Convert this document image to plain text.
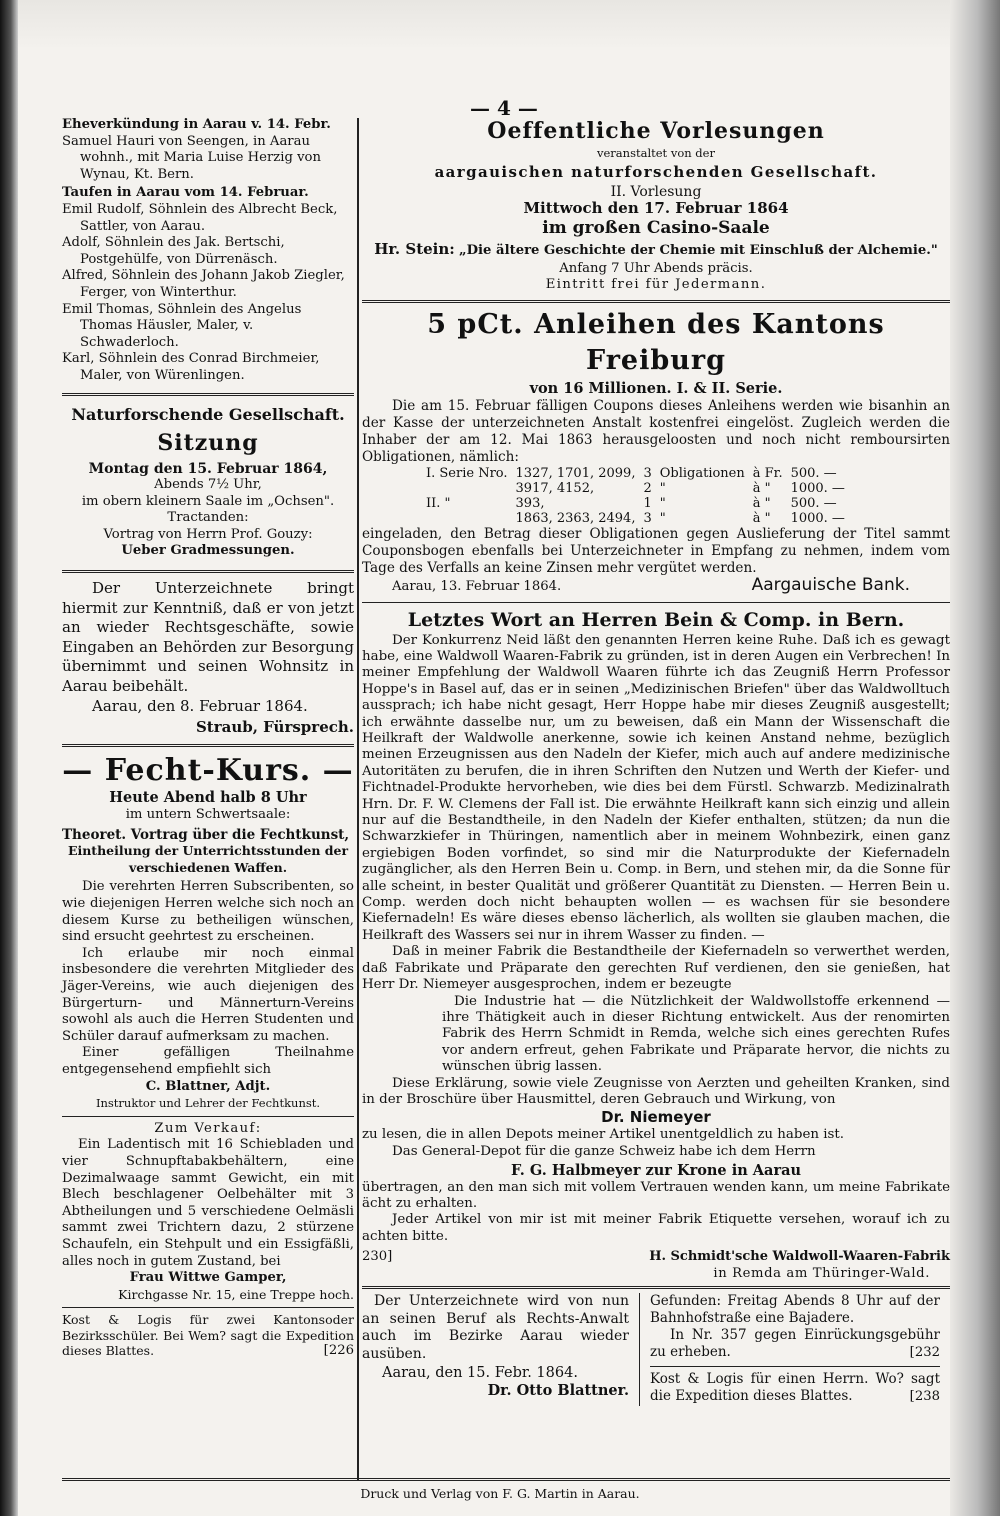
— 4 —

Eheverkündung in Aarau v. 14. Febr.

Samuel Hauri von Seengen, in Aarau wohnh., mit Maria Luise Herzig von Wynau, Kt. Bern.

Taufen in Aarau vom 14. Februar.

Emil Rudolf, Söhnlein des Albrecht Beck, Sattler, von Aarau.

Adolf, Söhnlein des Jak. Bertschi, Postgehülfe, von Dürrenäsch.

Alfred, Söhnlein des Johann Jakob Ziegler, Ferger, von Winterthur.

Emil Thomas, Söhnlein des Angelus Thomas Häusler, Maler, v. Schwaderloch.

Karl, Söhnlein des Conrad Birchmeier, Maler, von Würenlingen.

Naturforschende Gesellschaft.

Sitzung

Montag den 15. Februar 1864,

Abends 7½ Uhr,

im obern kleinern Saale im „Ochsen".

Tractanden:

Vortrag von Herrn Prof. Gouzy:

Ueber Gradmessungen.

Der Unterzeichnete bringt hiermit zur Kenntniß, daß er von jetzt an wieder Rechtsgeschäfte, sowie Eingaben an Behörden zur Besorgung übernimmt und seinen Wohnsitz in Aarau beibehält.

Aarau, den 8. Februar 1864.

Straub, Fürsprech.

— Fecht-Kurs. —

Heute Abend halb 8 Uhr

im untern Schwertsaale:

Theoret. Vortrag über die Fechtkunst,

Eintheilung der Unterrichtsstunden der verschiedenen Waffen.

Die verehrten Herren Subscribenten, so wie diejenigen Herren welche sich noch an diesem Kurse zu betheiligen wünschen, sind ersucht geehrtest zu erscheinen.

Ich erlaube mir noch einmal insbesondere die verehrten Mitglieder des Jäger-Vereins, wie auch diejenigen des Bürgerturn- und Männerturn-Vereins sowohl als auch die Herren Studenten und Schüler darauf aufmerksam zu machen.

Einer gefälligen Theilnahme entgegensehend empfiehlt sich

C. Blattner, Adjt.

Instruktor und Lehrer der Fechtkunst.

Zum Verkauf:

Ein Ladentisch mit 16 Schiebladen und vier Schnupftabakbehältern, eine Dezimalwaage sammt Gewicht, ein mit Blech beschlagener Oelbehälter mit 3 Abtheilungen und 5 verschiedene Oelmäsli sammt zwei Trichtern dazu, 2 stürzene Schaufeln, ein Stehpult und ein Essigfäßli, alles noch in gutem Zustand, bei

Frau Wittwe Gamper,

Kirchgasse Nr. 15, eine Treppe hoch.

Kost & Logis für zwei Kantonsoder Bezirksschüler. Bei Wem? sagt die Expedition dieses Blattes.	[226

Oeffentliche Vorlesungen

veranstaltet von der

aargauischen naturforschenden Gesellschaft.

II. Vorlesung

Mittwoch den 17. Februar 1864

im großen Casino-Saale

Hr. Stein: „Die ältere Geschichte der Chemie mit Einschluß der Alchemie."

Anfang 7 Uhr Abends präcis.

Eintritt frei für Jedermann.

5 pCt. Anleihen des Kantons Freiburg

von 16 Millionen. I. & II. Serie.

Die am 15. Februar fälligen Coupons dieses Anleihens werden wie bisanhin an der Kasse der unterzeichneten Anstalt kostenfrei eingelöst. Zugleich werden die Inhaber der am 12. Mai 1863 herausgeloosten und noch nicht remboursirten Obligationen, nämlich:

I. Serie Nro.	1327, 1701, 2099,	3	Obligationen	à Fr.	500. —
	3917, 4152,	2	"	à "	1000. —
II. "	393,	1	"	à "	500. —
	1863, 2363, 2494,	3	"	à "	1000. —

eingeladen, den Betrag dieser Obligationen gegen Auslieferung der Titel sammt Couponsbogen ebenfalls bei Unterzeichneter in Empfang zu nehmen, indem vom Tage des Verfalls an keine Zinsen mehr vergütet werden.

Aarau, 13. Februar 1864.	Aargauische Bank.

Letztes Wort an Herren Bein & Comp. in Bern.

Der Konkurrenz Neid läßt den genannten Herren keine Ruhe. Daß ich es gewagt habe, eine Waldwoll Waaren-Fabrik zu gründen, ist in deren Augen ein Verbrechen! In meiner Empfehlung der Waldwoll Waaren führte ich das Zeugniß Herrn Professor Hoppe's in Basel auf, das er in seinen „Medizinischen Briefen" über das Waldwolltuch aussprach; ich habe nicht gesagt, Herr Hoppe habe mir dieses Zeugniß ausgestellt; ich erwähnte dasselbe nur, um zu beweisen, daß ein Mann der Wissenschaft die Heilkraft der Waldwolle anerkenne, sowie ich keinen Anstand nehme, bezüglich meinen Erzeugnissen aus den Nadeln der Kiefer, mich auch auf andere medizinische Autoritäten zu berufen, die in ihren Schriften den Nutzen und Werth der Kiefer- und Fichtnadel-Produkte hervorheben, wie dies bei dem Fürstl. Schwarzb. Medizinalrath Hrn. Dr. F. W. Clemens der Fall ist. Die erwähnte Heilkraft kann sich einzig und allein nur auf die Bestandtheile, in den Nadeln der Kiefer enthalten, stützen; da nun die Schwarzkiefer in Thüringen, namentlich aber in meinem Wohnbezirk, einen ganz ergiebigen Boden vorfindet, so sind mir die Naturprodukte der Kiefernadeln zugänglicher, als den Herren Bein u. Comp. in Bern, und stehen mir, da die Sonne für alle scheint, in bester Qualität und größerer Quantität zu Diensten. — Herren Bein u. Comp. werden doch nicht behaupten wollen — es wachsen für sie besondere Kiefernadeln! Es wäre dieses ebenso lächerlich, als wollten sie glauben machen, die Heilkraft des Wassers sei nur in ihrem Wasser zu finden. —

Daß in meiner Fabrik die Bestandtheile der Kiefernadeln so verwerthet werden, daß Fabrikate und Präparate den gerechten Ruf verdienen, den sie genießen, hat Herr Dr. Niemeyer ausgesprochen, indem er bezeugte

Die Industrie hat — die Nützlichkeit der Waldwollstoffe erkennend — ihre Thätigkeit auch in dieser Richtung entwickelt. Aus der renomirten Fabrik des Herrn Schmidt in Remda, welche sich eines gerechten Rufes vor andern erfreut, gehen Fabrikate und Präparate hervor, die nichts zu wünschen übrig lassen.

Diese Erklärung, sowie viele Zeugnisse von Aerzten und geheilten Kranken, sind in der Broschüre über Hausmittel, deren Gebrauch und Wirkung, von

Dr. Niemeyer

zu lesen, die in allen Depots meiner Artikel unentgeldlich zu haben ist.

Das General-Depot für die ganze Schweiz habe ich dem Herrn

F. G. Halbmeyer zur Krone in Aarau

übertragen, an den man sich mit vollem Vertrauen wenden kann, um meine Fabrikate ächt zu erhalten.

Jeder Artikel von mir ist mit meiner Fabrik Etiquette versehen, worauf ich zu achten bitte.

230]	H. Schmidt'sche Waldwoll-Waaren-Fabrik

in Remda am Thüringer-Wald.

Der Unterzeichnete wird von nun an seinen Beruf als Rechts-Anwalt auch im Bezirke Aarau wieder ausüben.

Aarau, den 15. Febr. 1864.

Dr. Otto Blattner.

Gefunden: Freitag Abends 8 Uhr auf der Bahnhofstraße eine Bajadere.

In Nr. 357 gegen Einrückungsgebühr zu erheben.	[232

Kost & Logis für einen Herrn. Wo? sagt die Expedition dieses Blattes.	[238

Druck und Verlag von F. G. Martin in Aarau.
